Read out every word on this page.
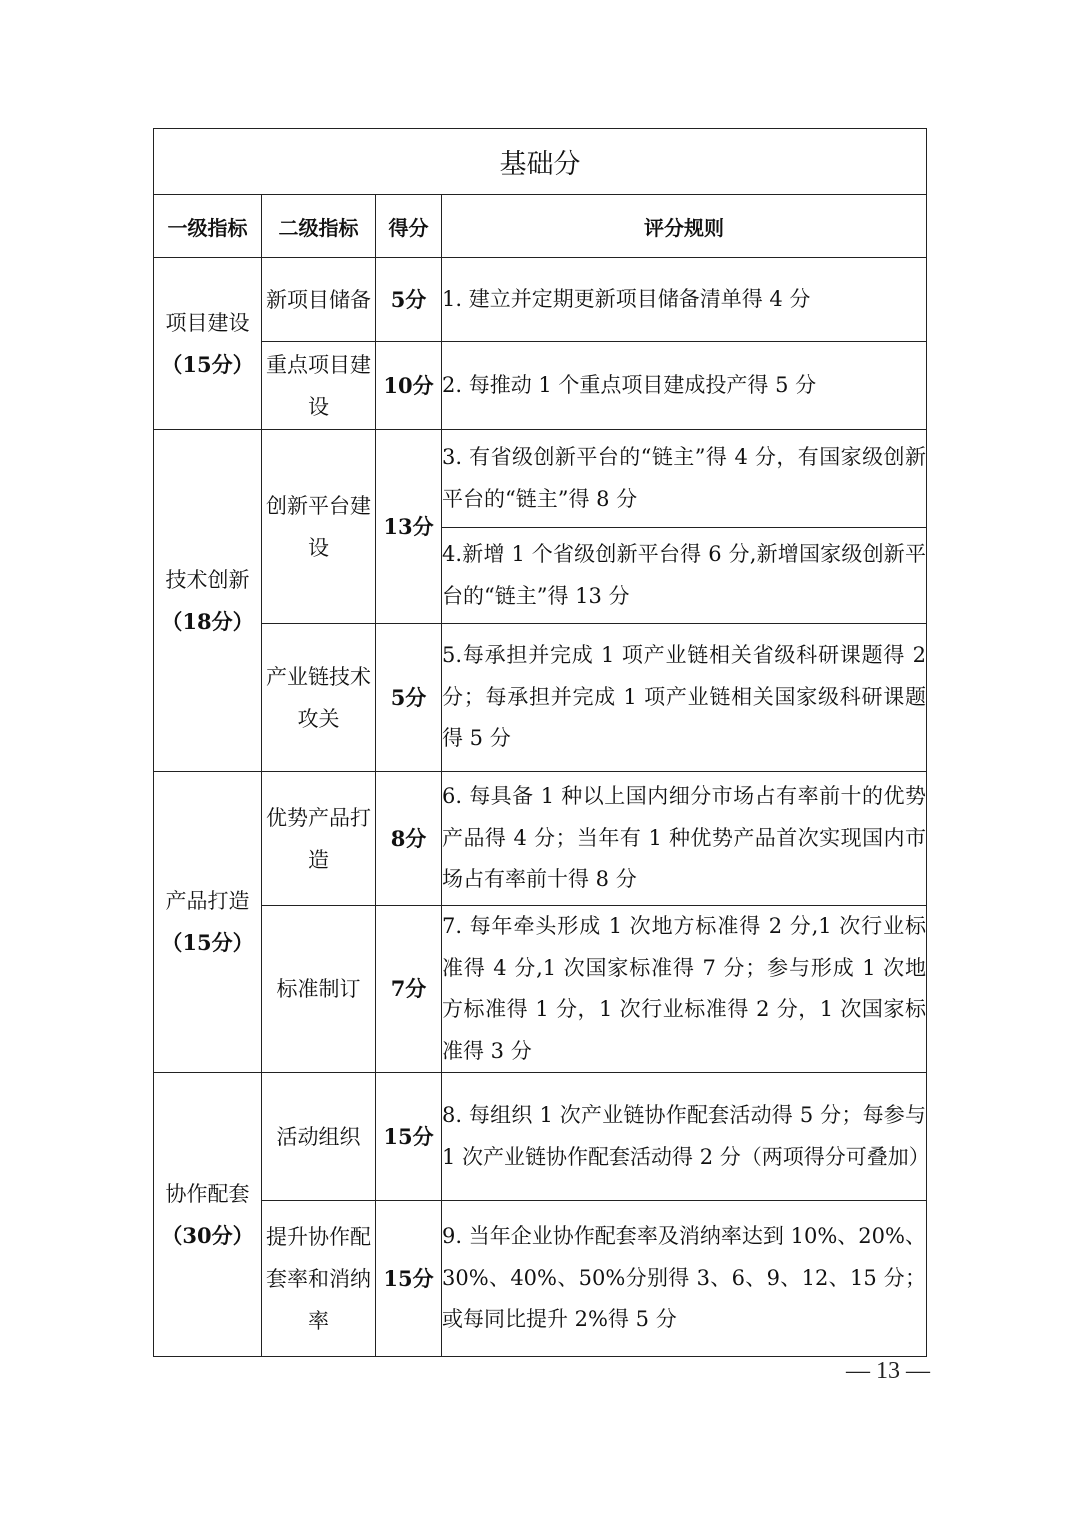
基础分			
一级指标	二级指标	得分	评分规则

项目建设
（15分）	新项目储备	5分	1. 建立并定期更新项目储备清单得 4 分
	重点项目建设	10分	2. 每推动 1 个重点项目建成投产得 5 分

技术创新
（18分）	创新平台建设	13分	3. 有省级创新平台的“链主”得 4 分，有国家级创新平台的“链主”得 8 分
			4.新增 1 个省级创新平台得 6 分,新增国家级创新平台的“链主”得 13 分
	产业链技术攻关	5分	5.每承担并完成 1 项产业链相关省级科研课题得 2 分；每承担并完成 1 项产业链相关国家级科研课题得 5 分

产品打造
（15分）	优势产品打造	8分	6. 每具备 1 种以上国内细分市场占有率前十的优势产品得 4 分；当年有 1 种优势产品首次实现国内市场占有率前十得 8 分
	标准制订	7分	7. 每年牵头形成 1 次地方标准得 2 分,1 次行业标准得 4 分,1 次国家标准得 7 分；参与形成 1 次地方标准得 1 分，1 次行业标准得 2 分，1 次国家标准得 3 分

协作配套
（30分）	活动组织	15分	8. 每组织 1 次产业链协作配套活动得 5 分；每参与 1 次产业链协作配套活动得 2 分（两项得分可叠加）
	提升协作配套率和消纳率	15分	9. 当年企业协作配套率及消纳率达到 10%、20%、30%、40%、50%分别得 3、6、9、12、15 分；或每同比提升 2%得 5 分
— 13 —
